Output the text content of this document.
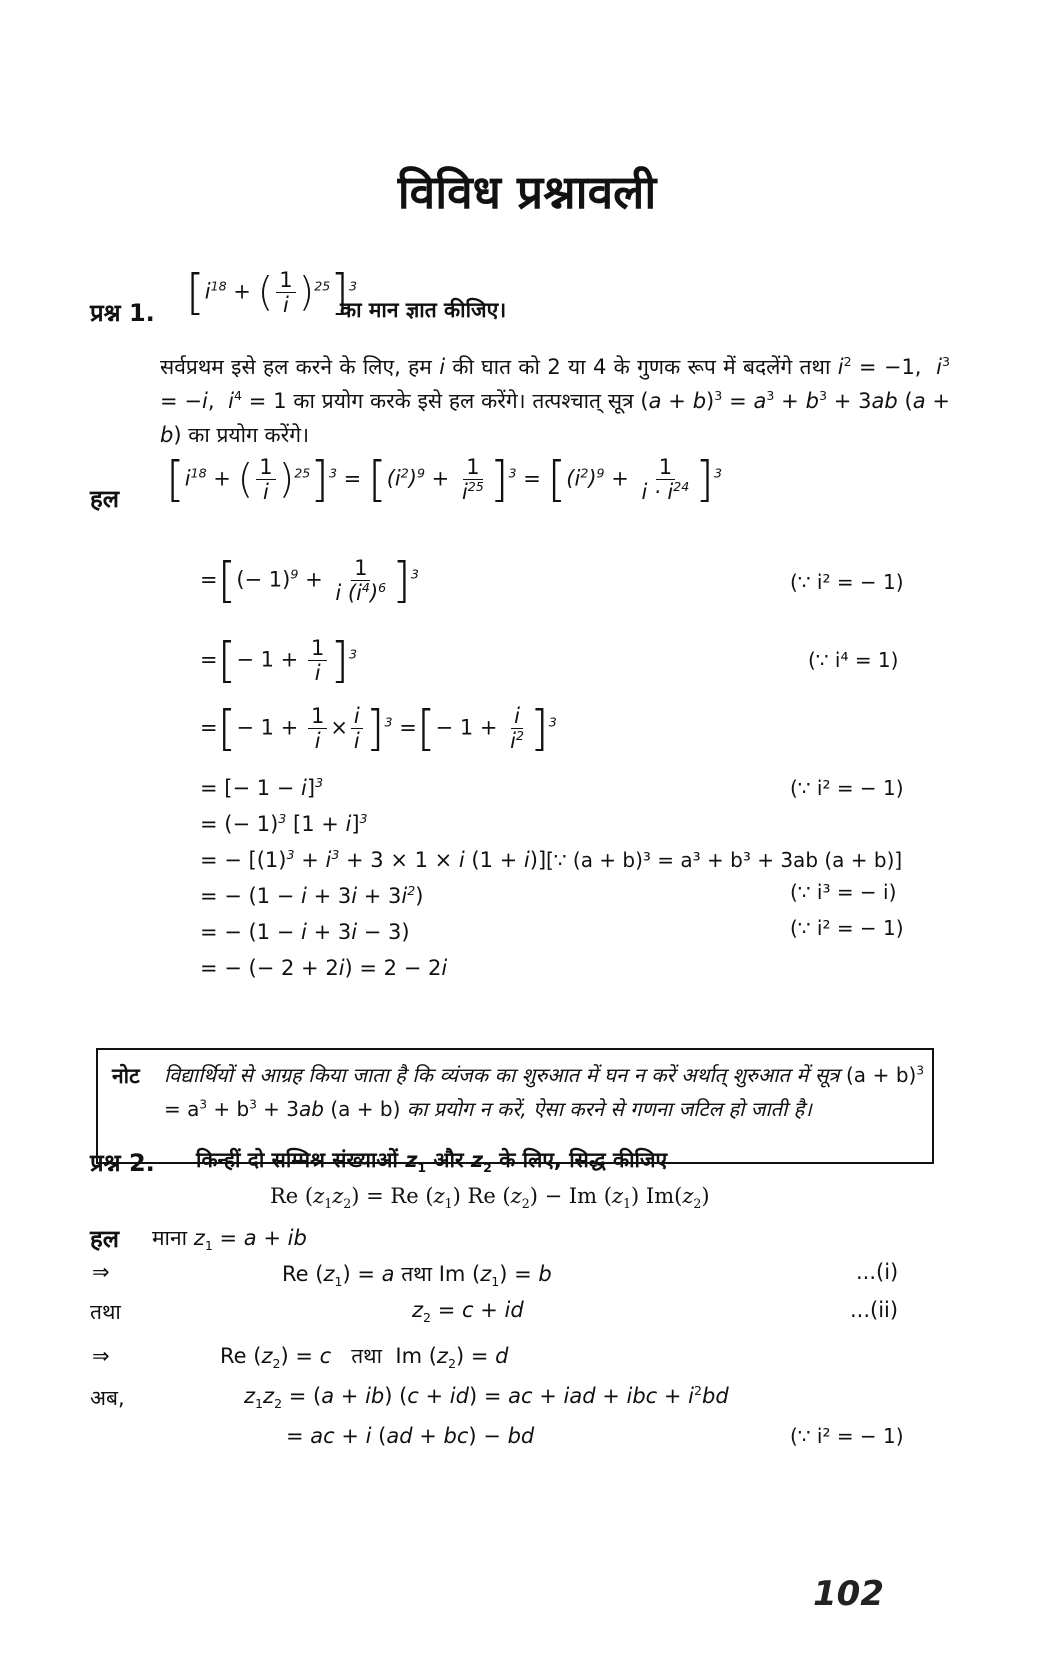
विविध प्रश्नावली
प्रश्न 1. [$i^{18}$ + ( $\frac{1}{i} )^{25}]^3$
का मान ज्ञात कीजिए।
सर्वप्रथम इसे हल करने के लिए, हम i की घात को 2 या 4 के गुणक रूप में बदलेंगे तथा $i^2 = -1$,  $i^3 = -i$,  $i^4 = 1$ का प्रयोग करके इसे हल करेंगे। तत्पश्चात् सूत्र $(a + b)^3 = a^3 + b^3 + 3ab$ (a + b) का प्रयोग करेंगे।
हल [$i^{18}$ + ( $\frac{1}{i} )^{25}]^3 = [(i^2)^9 + \frac{1}{i^{25}} ]^3 = [(i^2)^9 + \frac{1}{i \cdot i^{24}} ]^3$
=[(− $1)^9 + \frac{1}{i (i^4)^6} ]^3$	(∵ i² = − 1)
=[− $1 + \frac{1}{i} ]^3$	(∵ i⁴ = 1)
=[− $1 + \frac{1}{i} \times \frac{i}{i} ]^3$ =[− $1 + \frac{i}{i^2} ]^3$
= [− 1 − i]$^3$	(∵ i² = − 1)
= (− 1)$^3$ $[1 + i]^3$
= − [$(1)^3 + i^3 + 3 \times 1 \times i$ (1 + i)] [∵ (a + b)³ = a³ + b³ + 3ab (a + b)]
= − $(1 - i + 3i + 3i^2)$	(∵ i³ = − i)
= − (1 − i + 3i − 3)	(∵ i² = − 1)
= − (− 2 + 2i) = 2 − 2i
नोट विद्यार्थियों से आग्रह किया जाता है कि व्यंजक का शुरुआत में घन न करें अर्थात् शुरुआत में सूत्र $(a + b)^3 = a^3 + b^3 + 3ab$ (a + b) का प्रयोग न करें, ऐसा करने से गणना जटिल हो जाती है।
प्रश्न 2. किन्हीं दो सम्मिश्र संख्याओं $z_1$ और $z_2$ के लिए, सिद्ध कीजिए
Re $(z_1z_2) = Re$ $(z_1)$ Re $(z_2) - Im$ $(z_1)$ $Im(z_2)$
हल माना $z_1 = a$ + ib
⇒	Re $(z_1) = a$ तथा Im $(z_1) = b$	...(i)
तथा	$z_2 = c$ + id	...(ii)
⇒	Re $(z_2) = c$ तथा  Im $(z_2) = d$
अब,	$z_1z_2 = (a + ib) (c + id)$ = ac + iad + ibc + $i^2bd$
= ac + i (ad + bc) − bd	(∵ i² = − 1)
102
